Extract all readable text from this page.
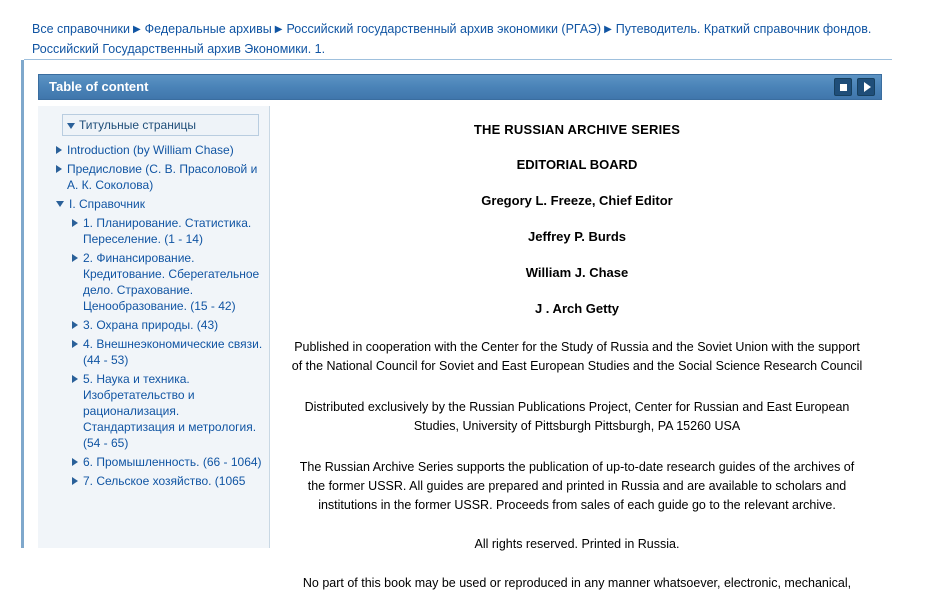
Все справочники ▶ Федеральные архивы ▶ Российский государственный архив экономики (РГАЭ) ▶ Путеводитель. Краткий справочник фондов. Российский Государственный архив Экономики. 1.
Table of content
Титульные страницы
Introduction (by William Chase)
Предисловие (С. В. Прасоловой и А. К. Соколова)
I. Справочник
1. Планирование. Статистика. Переселение. (1 - 14)
2. Финансирование. Кредитование. Сберегательное дело. Страхование. Ценообразование. (15 - 42)
3. Охрана природы. (43)
4. Внешнеэкономические связи. (44 - 53)
5. Наука и техника. Изобретательство и рационализация. Стандартизация и метрология. (54 - 65)
6. Промышленность. (66 - 1064)
7. Сельское хозяйство. (1065
THE RUSSIAN ARCHIVE SERIES
EDITORIAL BOARD
Gregory L. Freeze, Chief Editor
Jeffrey P. Burds
William J. Chase
J . Arch Getty
Published in cooperation with the Center for the Study of Russia and the Soviet Union with the support of the National Council for Soviet and East European Studies and the Social Science Research Council
Distributed exclusively by the Russian Publications Project, Center for Russian and East European Studies, University of Pittsburgh Pittsburgh, PA 15260 USA
The Russian Archive Series supports the publication of up-to-date research guides of the archives of the former USSR. All guides are prepared and printed in Russia and are available to scholars and institutions in the former USSR. Proceeds from sales of each guide go to the relevant archive.
All rights reserved. Printed in Russia.
No part of this book may be used or reproduced in any manner whatsoever, electronic, mechanical,
